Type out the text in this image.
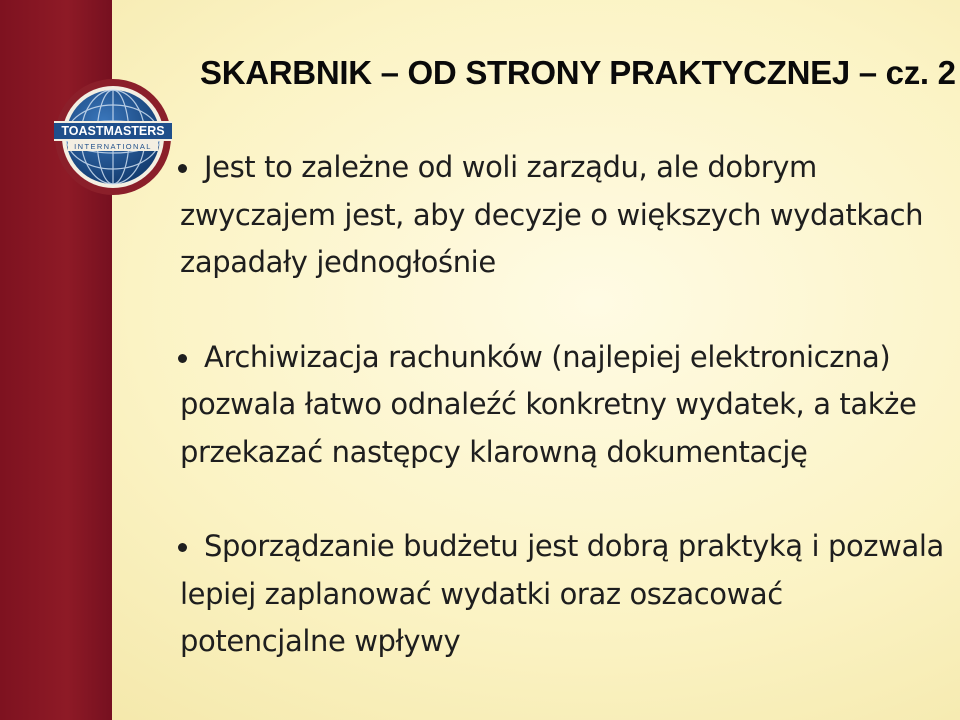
TOASTMASTERS
INTERNATIONAL
SKARBNIK – OD STRONY PRAKTYCZNEJ – cz. 2
Jest to zależne od woli zarządu, ale dobrym zwyczajem jest, aby decyzje o większych wydatkach zapadały jednogłośnie
Archiwizacja rachunków (najlepiej elektroniczna) pozwala łatwo odnaleźć konkretny wydatek, a także przekazać następcy klarowną dokumentację
Sporządzanie budżetu jest dobrą praktyką i pozwala lepiej zaplanować wydatki oraz oszacować potencjalne wpływy
